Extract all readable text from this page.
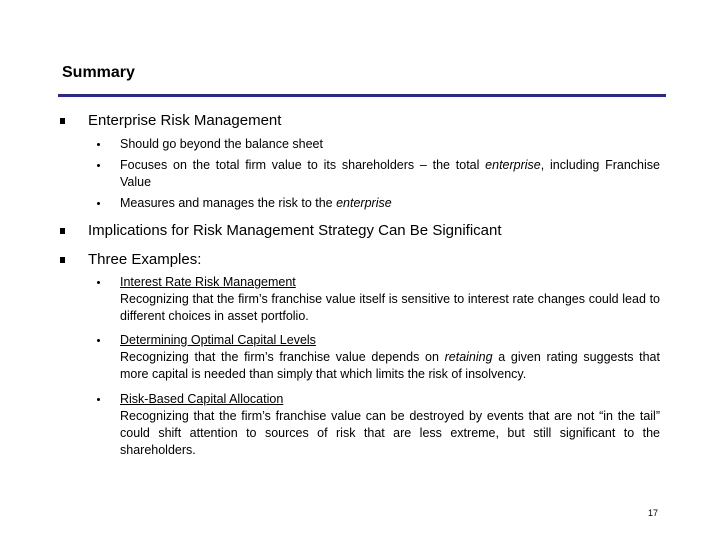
Summary
Enterprise Risk Management
Should go beyond the balance sheet
Focuses on the total firm value to its shareholders – the total enterprise, including Franchise Value
Measures and manages the risk to the enterprise
Implications for Risk Management Strategy Can Be Significant
Three Examples:
Interest Rate Risk Management
Recognizing that the firm’s franchise value itself is sensitive to interest rate changes could lead to different choices in asset portfolio.
Determining Optimal Capital Levels
Recognizing that the firm’s franchise value depends on retaining a given rating suggests that more capital is needed than simply that which limits the risk of insolvency.
Risk-Based Capital Allocation
Recognizing that the firm’s franchise value can be destroyed by events that are not “in the tail” could shift attention to sources of risk that are less extreme, but still significant to the shareholders.
17
